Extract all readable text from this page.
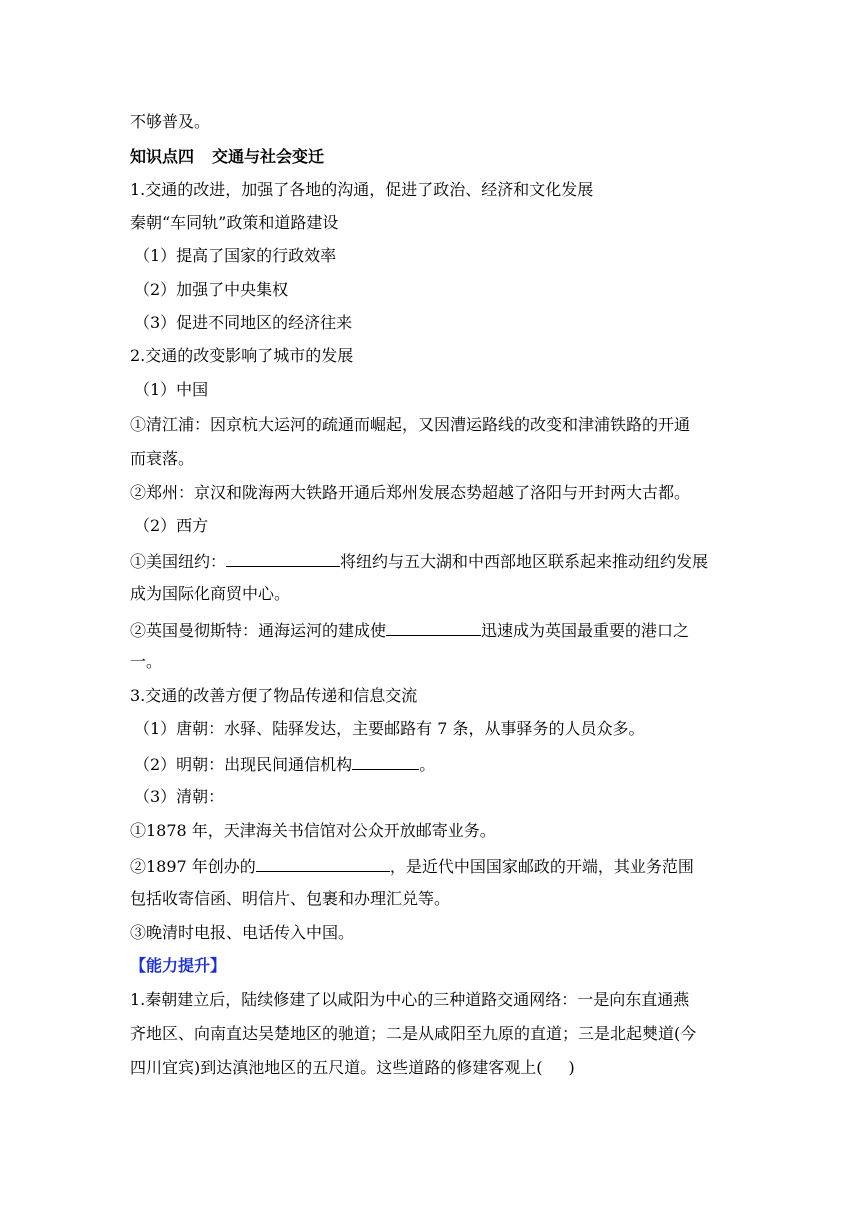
不够普及。
知识点四 交通与社会变迁
1.交通的改进，加强了各地的沟通，促进了政治、经济和文化发展
秦朝“车同轨”政策和道路建设
（1）提高了国家的行政效率
（2）加强了中央集权
（3）促进不同地区的经济往来
2.交通的改变影响了城市的发展
（1）中国
①清江浦：因京杭大运河的疏通而崛起，又因漕运路线的改变和津浦铁路的开通
而衰落。
②郑州：京汉和陇海两大铁路开通后郑州发展态势超越了洛阳与开封两大古都。
（2）西方
①美国纽约：	将纽约与五大湖和中西部地区联系起来推动纽约发展
成为国际化商贸中心。
②英国曼彻斯特：通海运河的建成使	迅速成为英国最重要的港口之
一。
3.交通的改善方便了物品传递和信息交流
（1）唐朝：水驿、陆驿发达，主要邮路有 7 条，从事驿务的人员众多。
（2）明朝：出现民间通信机构	。
（3）清朝：
①1878 年，天津海关书信馆对公众开放邮寄业务。
②1897 年创办的	，是近代中国国家邮政的开端，其业务范围
包括收寄信函、明信片、包裹和办理汇兑等。
③晚清时电报、电话传入中国。
【能力提升】
1.秦朝建立后，陆续修建了以咸阳为中心的三种道路交通网络：一是向东直通燕
齐地区、向南直达吴楚地区的驰道；二是从咸阳至九原的直道；三是北起僰道(今
四川宜宾)到达滇池地区的五尺道。这些道路的修建客观上( )
